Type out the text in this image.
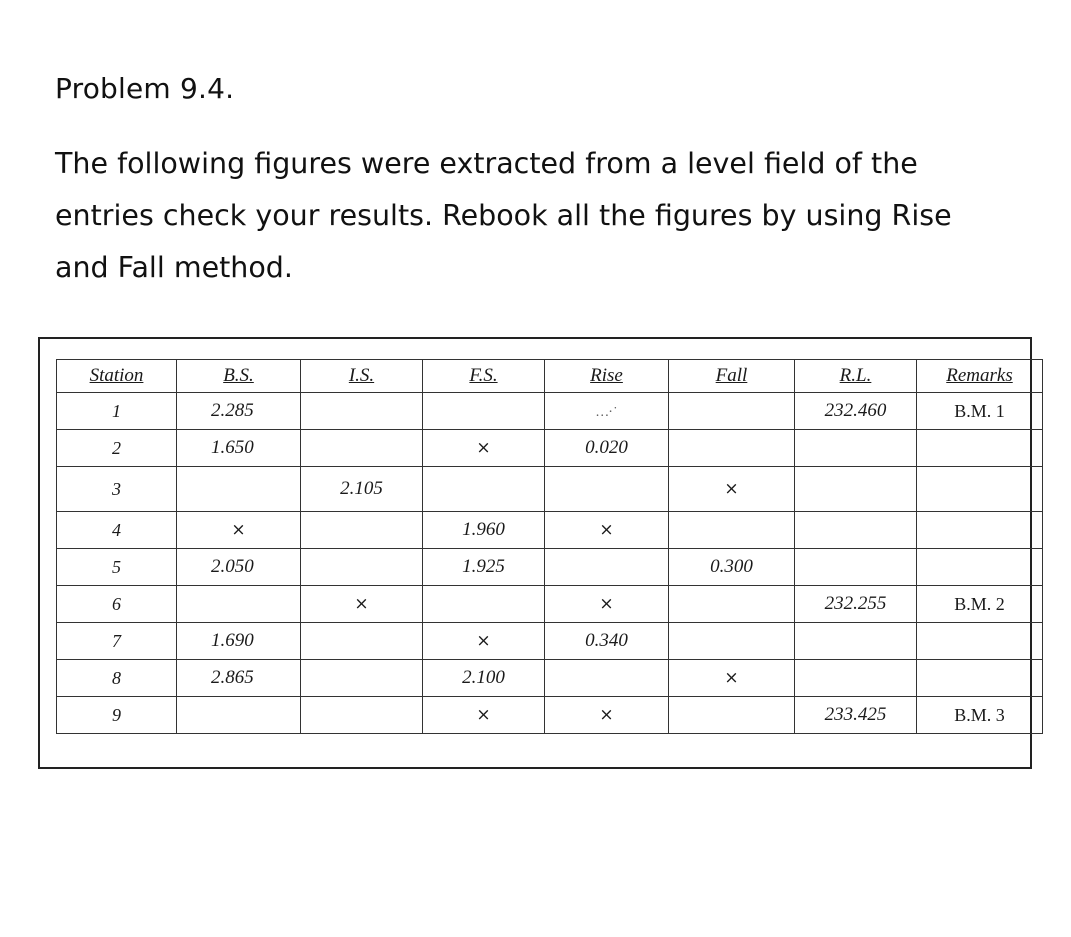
Problem 9.4.
The following figures were extracted from a level field of the
entries check your results. Rebook all the figures by using Rise
and Fall method.
Station	B.S.	I.S.	F.S.	Rise	Fall	R.L.	Remarks
1	2.285			…·˙		232.460	B.M. 1
2	1.650		×	0.020			
3		2.105			×		
4	×		1.960	×			
5	2.050		1.925		0.300		
6		×		×		232.255	B.M. 2
7	1.690		×	0.340			
8	2.865		2.100		×		
9			×	×		233.425	B.M. 3
